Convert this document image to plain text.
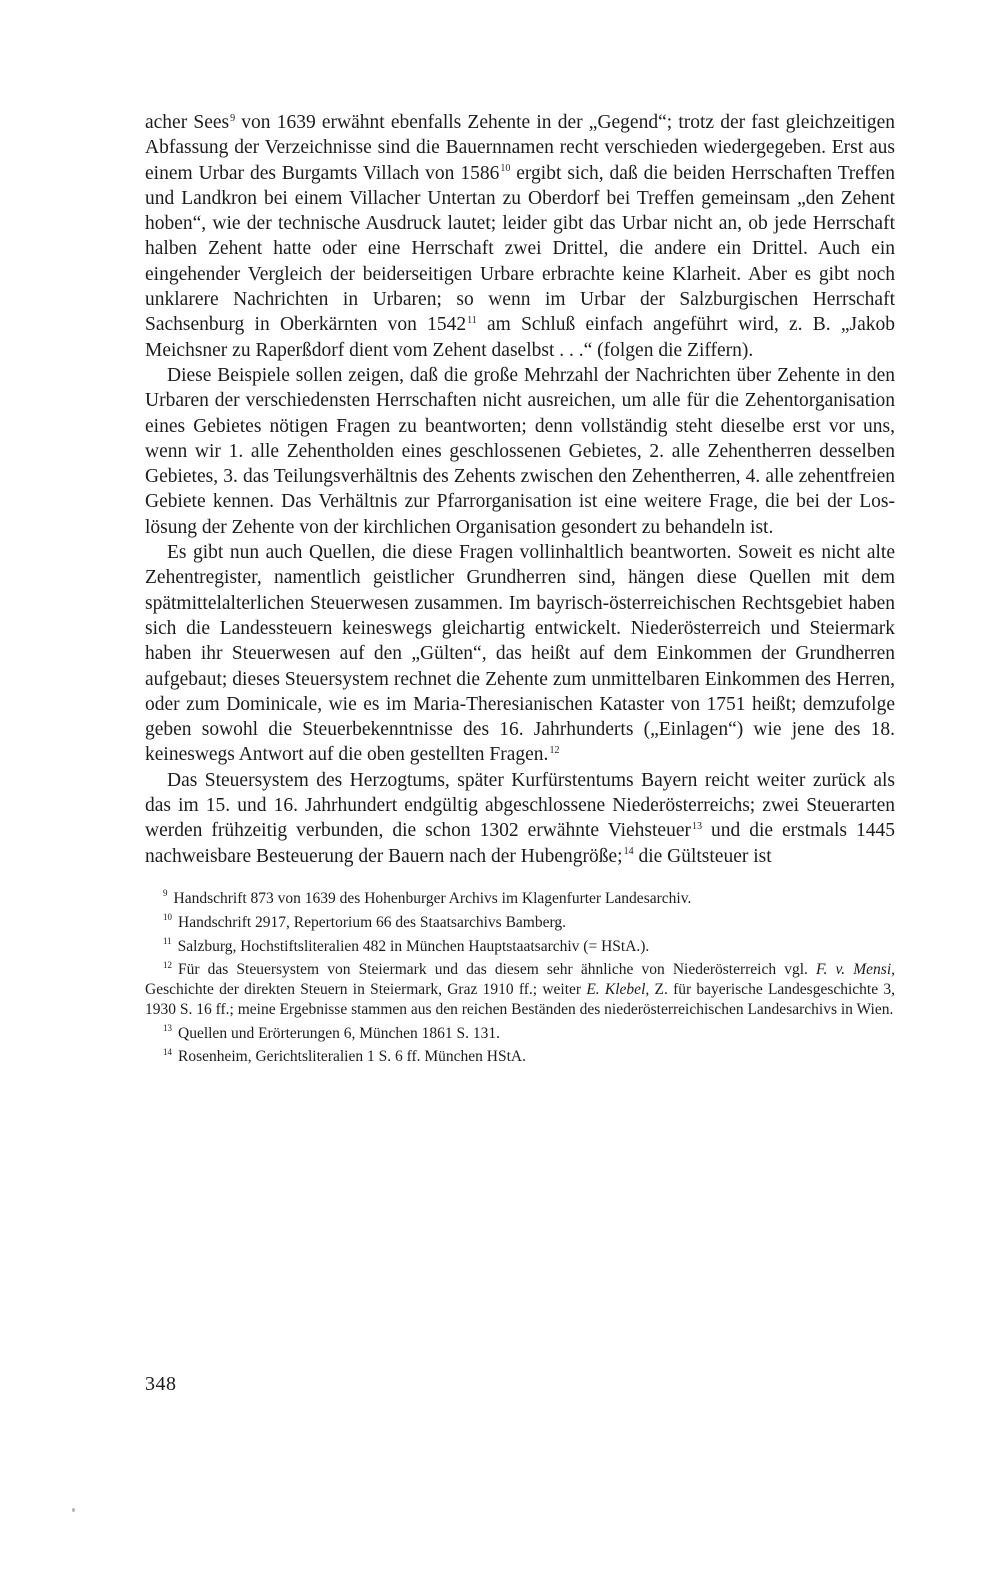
acher Sees$^9$ von 1639 erwähnt ebenfalls Zehente in der „Gegend“; trotz der fast gleichzeitigen Abfassung der Verzeichnisse sind die Bauernnamen recht verschieden wiedergegeben. Erst aus einem Urbar des Burgamts Villach von 1586$^{10}$ ergibt sich, daß die beiden Herrschaften Treffen und Landkron bei einem Villacher Untertan zu Oberdorf bei Treffen gemeinsam „den Zehent hoben“, wie der technische Ausdruck lautet; leider gibt das Urbar nicht an, ob jede Herrschaft halben Zehent hatte oder eine Herrschaft zwei Drittel, die andere ein Drittel. Auch ein eingehender Vergleich der beiderseitigen Urbare erbrachte keine Klarheit. Aber es gibt noch unklarere Nachrichten in Urbaren; so wenn im Urbar der Salzburgischen Herrschaft Sachsenburg in Oberkärnten von 1542$^{11}$ am Schluß einfach angeführt wird, z. B. „Jakob Meichsner zu Raperßdorf dient vom Zehent daselbst . . .“ (folgen die Ziffern).

Diese Beispiele sollen zeigen, daß die große Mehrzahl der Nachrichten über Zehente in den Urbaren der verschiedensten Herrschaften nicht ausreichen, um alle für die Zehentorganisation eines Gebietes nötigen Fragen zu beantworten; denn vollständig steht dieselbe erst vor uns, wenn wir 1. alle Zehentholden eines geschlossenen Gebietes, 2. alle Zehentherren desselben Gebietes, 3. das Teilungsverhältnis des Zehents zwischen den Zehentherren, 4. alle zehentfreien Gebiete kennen. Das Verhältnis zur Pfarrorganisation ist eine weitere Frage, die bei der Loslösung der Zehente von der kirchlichen Organisation gesondert zu behandeln ist.

Es gibt nun auch Quellen, die diese Fragen vollinhaltlich beantworten. Soweit es nicht alte Zehentregister, namentlich geistlicher Grundherren sind, hängen diese Quellen mit dem spätmittelalterlichen Steuerwesen zusammen. Im bayrisch-österreichischen Rechtsgebiet haben sich die Landessteuern keineswegs gleichartig entwickelt. Niederösterreich und Steiermark haben ihr Steuerwesen auf den „Gülten“, das heißt auf dem Einkommen der Grundherren aufgebaut; dieses Steuersystem rechnet die Zehente zum unmittelbaren Einkommen des Herren, oder zum Dominicale, wie es im Maria-Theresianischen Kataster von 1751 heißt; demzufolge geben sowohl die Steuerbekenntnisse des 16. Jahrhunderts („Einlagen“) wie jene des 18. keineswegs Antwort auf die oben gestellten Fragen.$^{12}$

Das Steuersystem des Herzogtums, später Kurfürstentums Bayern reicht weiter zurück als das im 15. und 16. Jahrhundert endgültig abgeschlossene Niederösterreichs; zwei Steuerarten werden frühzeitig verbunden, die schon 1302 erwähnte Viehsteuer$^{13}$ und die erstmals 1445 nachweisbare Besteuerung der Bauern nach der Hubengröße;$^{14}$ die Gültsteuer ist

$^9$ Handschrift 873 von 1639 des Hohenburger Archivs im Klagenfurter Landesarchiv.
$^{10}$ Handschrift 2917, Repertorium 66 des Staatsarchivs Bamberg.
$^{11}$ Salzburg, Hochstiftsliteralien 482 in München Hauptstaatsarchiv (= HStA.).
$^{12}$ Für das Steuersystem von Steiermark und das diesem sehr ähnliche von Niederösterreich vgl. F. v. Mensi, Geschichte der direkten Steuern in Steiermark, Graz 1910 ff.; weiter E. Klebel, Z. für bayerische Landesgeschichte 3, 1930 S. 16 ff.; meine Ergebnisse stammen aus den reichen Beständen des niederösterreichischen Landesarchivs in Wien.
$^{13}$ Quellen und Erörterungen 6, München 1861 S. 131.
$^{14}$ Rosenheim, Gerichtsliteralien 1 S. 6 ff. München HStA.
348
